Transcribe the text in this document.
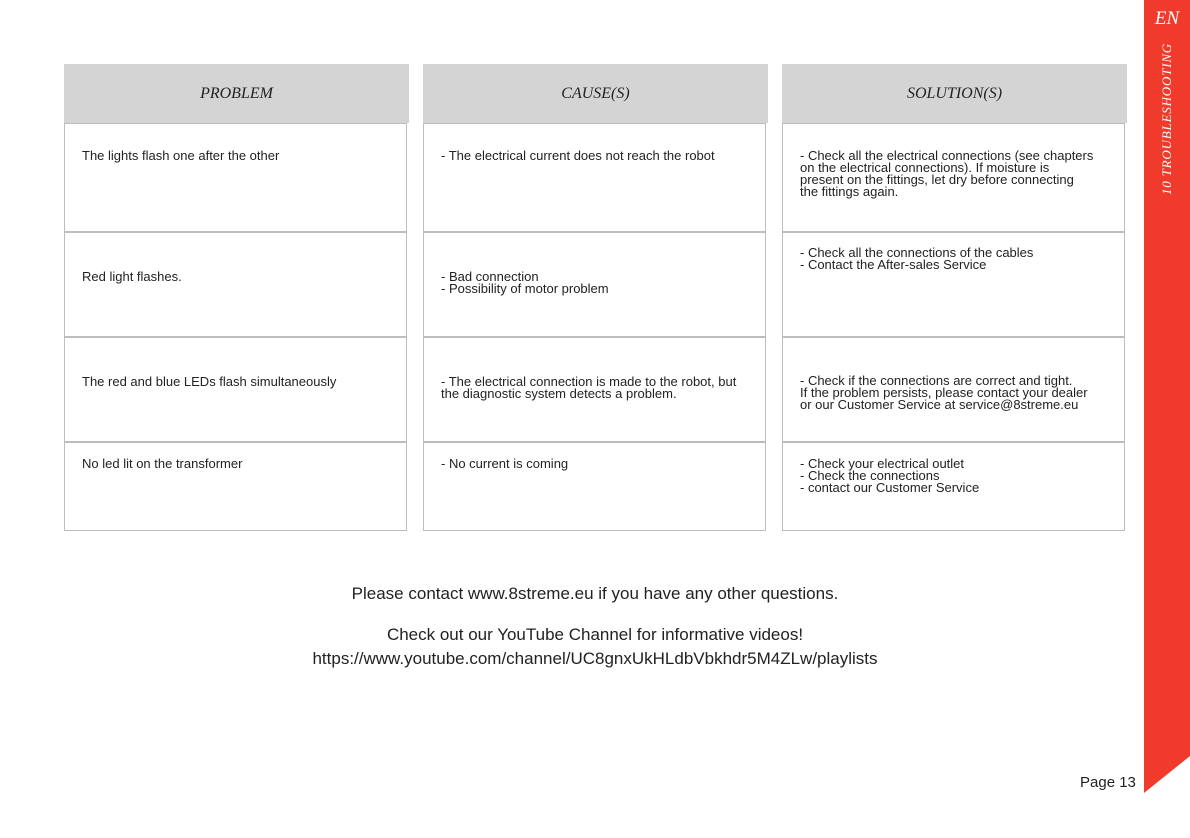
EN
10 TROUBLESHOOTING
PROBLEM
The lights flash one after the other
Red light flashes.
The red and blue LEDs flash simultaneously
No led lit on the transformer
CAUSE(S)
- The electrical current does not reach the robot
- Bad connection
- Possibility of motor problem
- The electrical connection is made to the robot, but
the diagnostic system detects a problem.
- No current is coming
SOLUTION(S)
- Check all the electrical connections (see chapters
on the electrical connections). If moisture is
present on the fittings, let dry before connecting
the fittings again.
- Check all the connections of the cables
- Contact the After-sales Service
- Check if the connections are correct and tight.
If the problem persists, please contact your dealer
or our Customer Service at service@8streme.eu
- Check your electrical outlet
- Check the connections
- contact our Customer Service
Please contact www.8streme.eu if you have any other questions.
Check out our YouTube Channel for informative videos!
https://www.youtube.com/channel/UC8gnxUkHLdbVbkhdr5M4ZLw/playlists
Page 13
